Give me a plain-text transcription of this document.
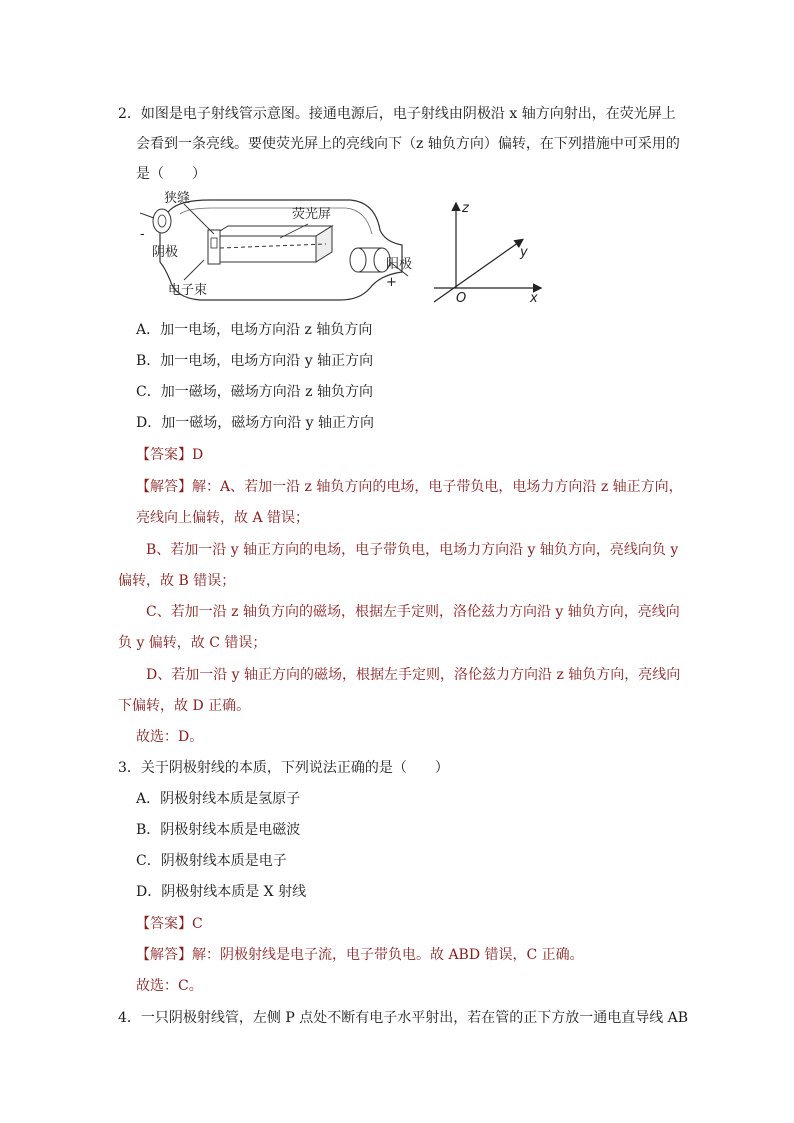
2．如图是电子射线管示意图。接通电源后，电子射线由阴极沿 x 轴方向射出，在荧光屏上
会看到一条亮线。要使荧光屏上的亮线向下（z 轴负方向）偏转，在下列措施中可采用的
是（　　）
狭缝
荧光屏
阴极
阳极
电子束
-
+
z
y
x
O
A．加一电场，电场方向沿 z 轴负方向
B．加一电场，电场方向沿 y 轴正方向
C．加一磁场，磁场方向沿 z 轴负方向
D．加一磁场，磁场方向沿 y 轴正方向
【答案】D
【解答】解：A、若加一沿 z 轴负方向的电场，电子带负电，电场力方向沿 z 轴正方向，
亮线向上偏转，故 A 错误；
B、若加一沿 y 轴正方向的电场，电子带负电，电场力方向沿 y 轴负方向，亮线向负 y
偏转，故 B 错误；
C、若加一沿 z 轴负方向的磁场，根据左手定则，洛伦兹力方向沿 y 轴负方向，亮线向
负 y 偏转，故 C 错误；
D、若加一沿 y 轴正方向的磁场，根据左手定则，洛伦兹力方向沿 z 轴负方向，亮线向
下偏转，故 D 正确。
故选：D。
3．关于阴极射线的本质，下列说法正确的是（　　）
A．阴极射线本质是氢原子
B．阴极射线本质是电磁波
C．阴极射线本质是电子
D．阴极射线本质是 X 射线
【答案】C
【解答】解：阴极射线是电子流，电子带负电。故 ABD 错误，C 正确。
故选：C。
4．一只阴极射线管，左侧 P 点处不断有电子水平射出，若在管的正下方放一通电直导线 AB
